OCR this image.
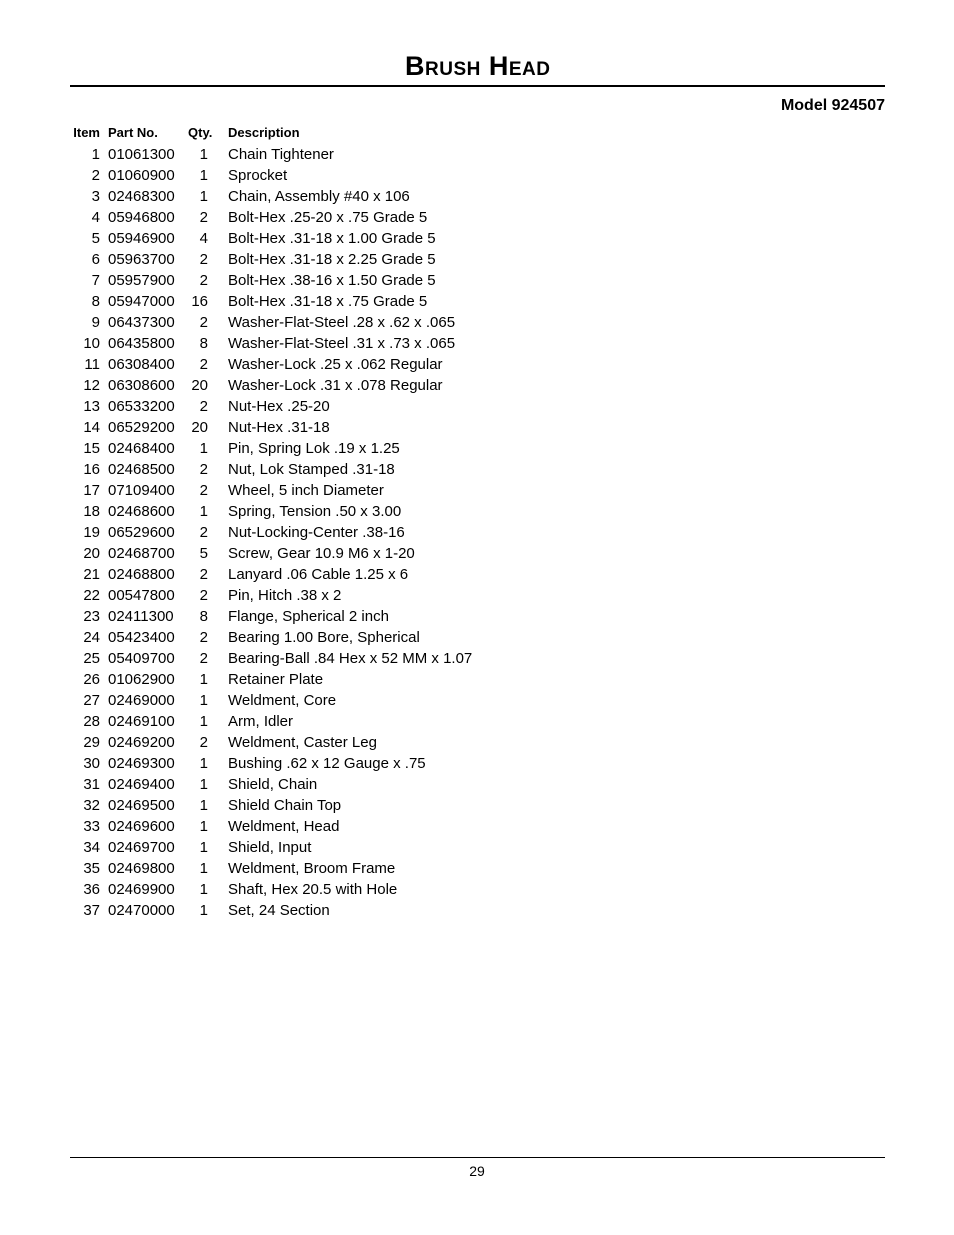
Brush Head
Model 924507
Item	Part No.	Qty.	Description
1	01061300	1	Chain Tightener
2	01060900	1	Sprocket
3	02468300	1	Chain, Assembly #40 x 106
4	05946800	2	Bolt-Hex .25-20 x .75 Grade 5
5	05946900	4	Bolt-Hex .31-18 x 1.00 Grade 5
6	05963700	2	Bolt-Hex .31-18 x 2.25 Grade 5
7	05957900	2	Bolt-Hex .38-16 x 1.50 Grade 5
8	05947000	16	Bolt-Hex .31-18 x .75 Grade 5
9	06437300	2	Washer-Flat-Steel .28 x .62 x .065
10	06435800	8	Washer-Flat-Steel .31 x .73 x .065
11	06308400	2	Washer-Lock .25 x .062 Regular
12	06308600	20	Washer-Lock .31 x .078 Regular
13	06533200	2	Nut-Hex .25-20
14	06529200	20	Nut-Hex .31-18
15	02468400	1	Pin, Spring Lok .19 x 1.25
16	02468500	2	Nut, Lok Stamped .31-18
17	07109400	2	Wheel, 5 inch Diameter
18	02468600	1	Spring, Tension .50 x 3.00
19	06529600	2	Nut-Locking-Center .38-16
20	02468700	5	Screw, Gear 10.9 M6 x 1-20
21	02468800	2	Lanyard .06 Cable 1.25 x 6
22	00547800	2	Pin, Hitch .38 x 2
23	02411300	8	Flange, Spherical 2 inch
24	05423400	2	Bearing 1.00 Bore, Spherical
25	05409700	2	Bearing-Ball .84 Hex x 52 MM x 1.07
26	01062900	1	Retainer Plate
27	02469000	1	Weldment, Core
28	02469100	1	Arm, Idler
29	02469200	2	Weldment, Caster Leg
30	02469300	1	Bushing .62 x 12 Gauge x .75
31	02469400	1	Shield, Chain
32	02469500	1	Shield Chain Top
33	02469600	1	Weldment, Head
34	02469700	1	Shield, Input
35	02469800	1	Weldment, Broom Frame
36	02469900	1	Shaft, Hex 20.5 with Hole
37	02470000	1	Set, 24 Section
29
